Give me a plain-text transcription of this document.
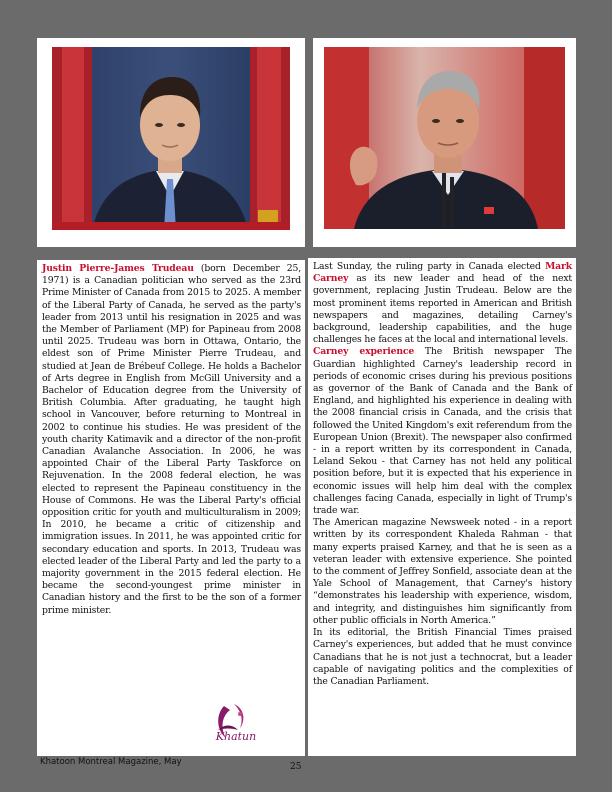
Justin Pierre-James Trudeau (born December 25, 1971) is a Canadian politician who served as the 23rd Prime Minister of Canada from 2015 to 2025. A member of the Liberal Party of Canada, he served as the party's leader from 2013 until his resignation in 2025 and was the Member of Parliament (MP) for Papineau from 2008 until 2025. Trudeau was born in Ottawa, Ontario, the eldest son of Prime Minister Pierre Trudeau, and studied at Jean de Brébeuf College. He holds a Bachelor of Arts degree in English from McGill University and a Bachelor of Education degree from the University of British Columbia. After graduating, he taught high school in Vancouver, before returning to Montreal in 2002 to continue his studies. He was president of the youth charity Katimavik and a director of the non-profit Canadian Avalanche Association. In 2006, he was appointed Chair of the Liberal Party Taskforce on Rejuvenation. In the 2008 federal election, he was elected to represent the Papineau constituency in the House of Commons. He was the Liberal Party's official opposition critic for youth and multiculturalism in 2009; In 2010, he became a critic of citizenship and immigration issues. In 2011, he was appointed critic for secondary education and sports. In 2013, Trudeau was elected leader of the Liberal Party and led the party to a majority government in the 2015 federal election. He became the second-youngest prime minister in Canadian history and the first to be the son of a former prime minister.

Last Sunday, the ruling party in Canada elected Mark Carney as its new leader and head of the next government, replacing Justin Trudeau. Below are the most prominent items reported in American and British newspapers and magazines, detailing Carney's background, leadership capabilities, and the huge challenges he faces at the local and international levels.

Carney experience The British newspaper The Guardian highlighted Carney's leadership record in periods of economic crises during his previous positions as governor of the Bank of Canada and the Bank of England, and highlighted his experience in dealing with the 2008 financial crisis in Canada, and the crisis that followed the United Kingdom's exit referendum from the European Union (Brexit). The newspaper also confirmed - in a report written by its correspondent in Canada, Leland Sekou - that Carney has not held any political position before, but it is expected that his experience in economic issues will help him deal with the complex challenges facing Canada, especially in light of Trump's trade war.

The American magazine Newsweek noted - in a report written by its correspondent Khaleda Rahman - that many experts praised Karney, and that he is seen as a veteran leader with extensive experience. She pointed to the comment of Jeffrey Sonfield, associate dean at the Yale School of Management, that Carney's history “demonstrates his leadership with experience, wisdom, and integrity, and distinguishes him significantly from other public officials in North America.”

In its editorial, the British Financial Times praised Carney's experiences, but added that he must convince Canadians that he is not just a technocrat, but a leader capable of navigating politics and the complexities of the Canadian Parliament.

Khatun
Khatoon Montreal Magazine, May	25
